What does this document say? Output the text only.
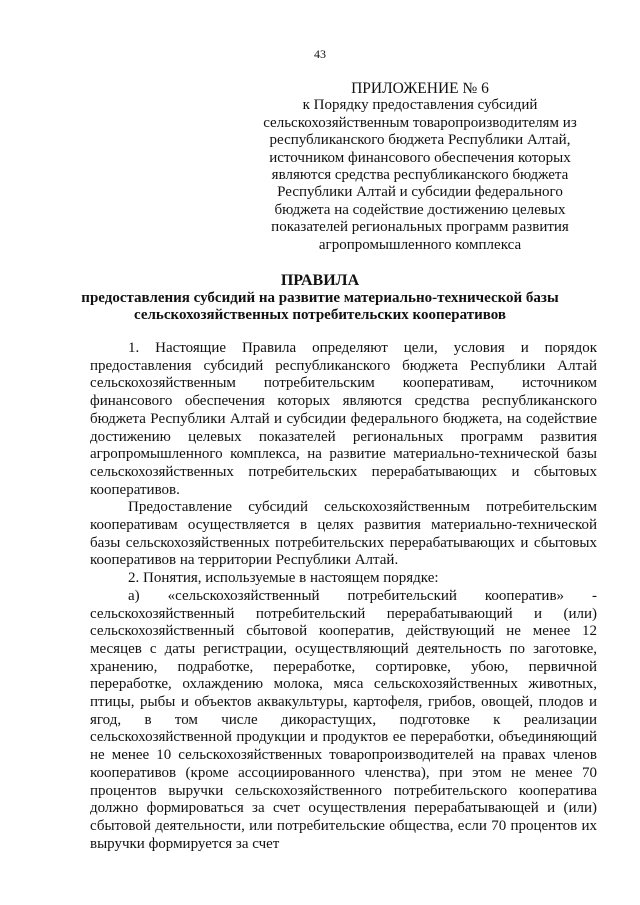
43
ПРИЛОЖЕНИЕ № 6
к Порядку предоставления субсидий сельскохозяйственным товаропроизводителям из республиканского бюджета Республики Алтай, источником финансового обеспечения которых являются средства республиканского бюджета Республики Алтай и субсидии федерального бюджета на содействие достижению целевых показателей региональных программ развития агропромышленного комплекса
ПРАВИЛА
предоставления субсидий на развитие материально-технической базы сельскохозяйственных потребительских кооперативов

1. Настоящие Правила определяют цели, условия и порядок предоставления субсидий республиканского бюджета Республики Алтай сельскохозяйственным потребительским кооперативам, источником финансового обеспечения которых являются средства республиканского бюджета Республики Алтай и субсидии федерального бюджета, на содействие достижению целевых показателей региональных программ развития агропромышленного комплекса, на развитие материально-технической базы сельскохозяйственных потребительских перерабатывающих и сбытовых кооперативов.

Предоставление субсидий сельскохозяйственным потребительским кооперативам осуществляется в целях развития материально-технической базы сельскохозяйственных потребительских перерабатывающих и сбытовых кооперативов на территории Республики Алтай.

2. Понятия, используемые в настоящем порядке:

а) «сельскохозяйственный потребительский кооператив» - сельскохозяйственный потребительский перерабатывающий и (или) сельскохозяйственный сбытовой кооператив, действующий не менее 12 месяцев с даты регистрации, осуществляющий деятельность по заготовке, хранению, подработке, переработке, сортировке, убою, первичной переработке, охлаждению молока, мяса сельскохозяйственных животных, птицы, рыбы и объектов аквакультуры, картофеля, грибов, овощей, плодов и ягод, в том числе дикорастущих, подготовке к реализации сельскохозяйственной продукции и продуктов ее переработки, объединяющий не менее 10 сельскохозяйственных товаропроизводителей на правах членов кооперативов (кроме ассоциированного членства), при этом не менее 70 процентов выручки сельскохозяйственного потребительского кооператива должно формироваться за счет осуществления перерабатывающей и (или) сбытовой деятельности, или потребительские общества, если 70 процентов их выручки формируется за счет
